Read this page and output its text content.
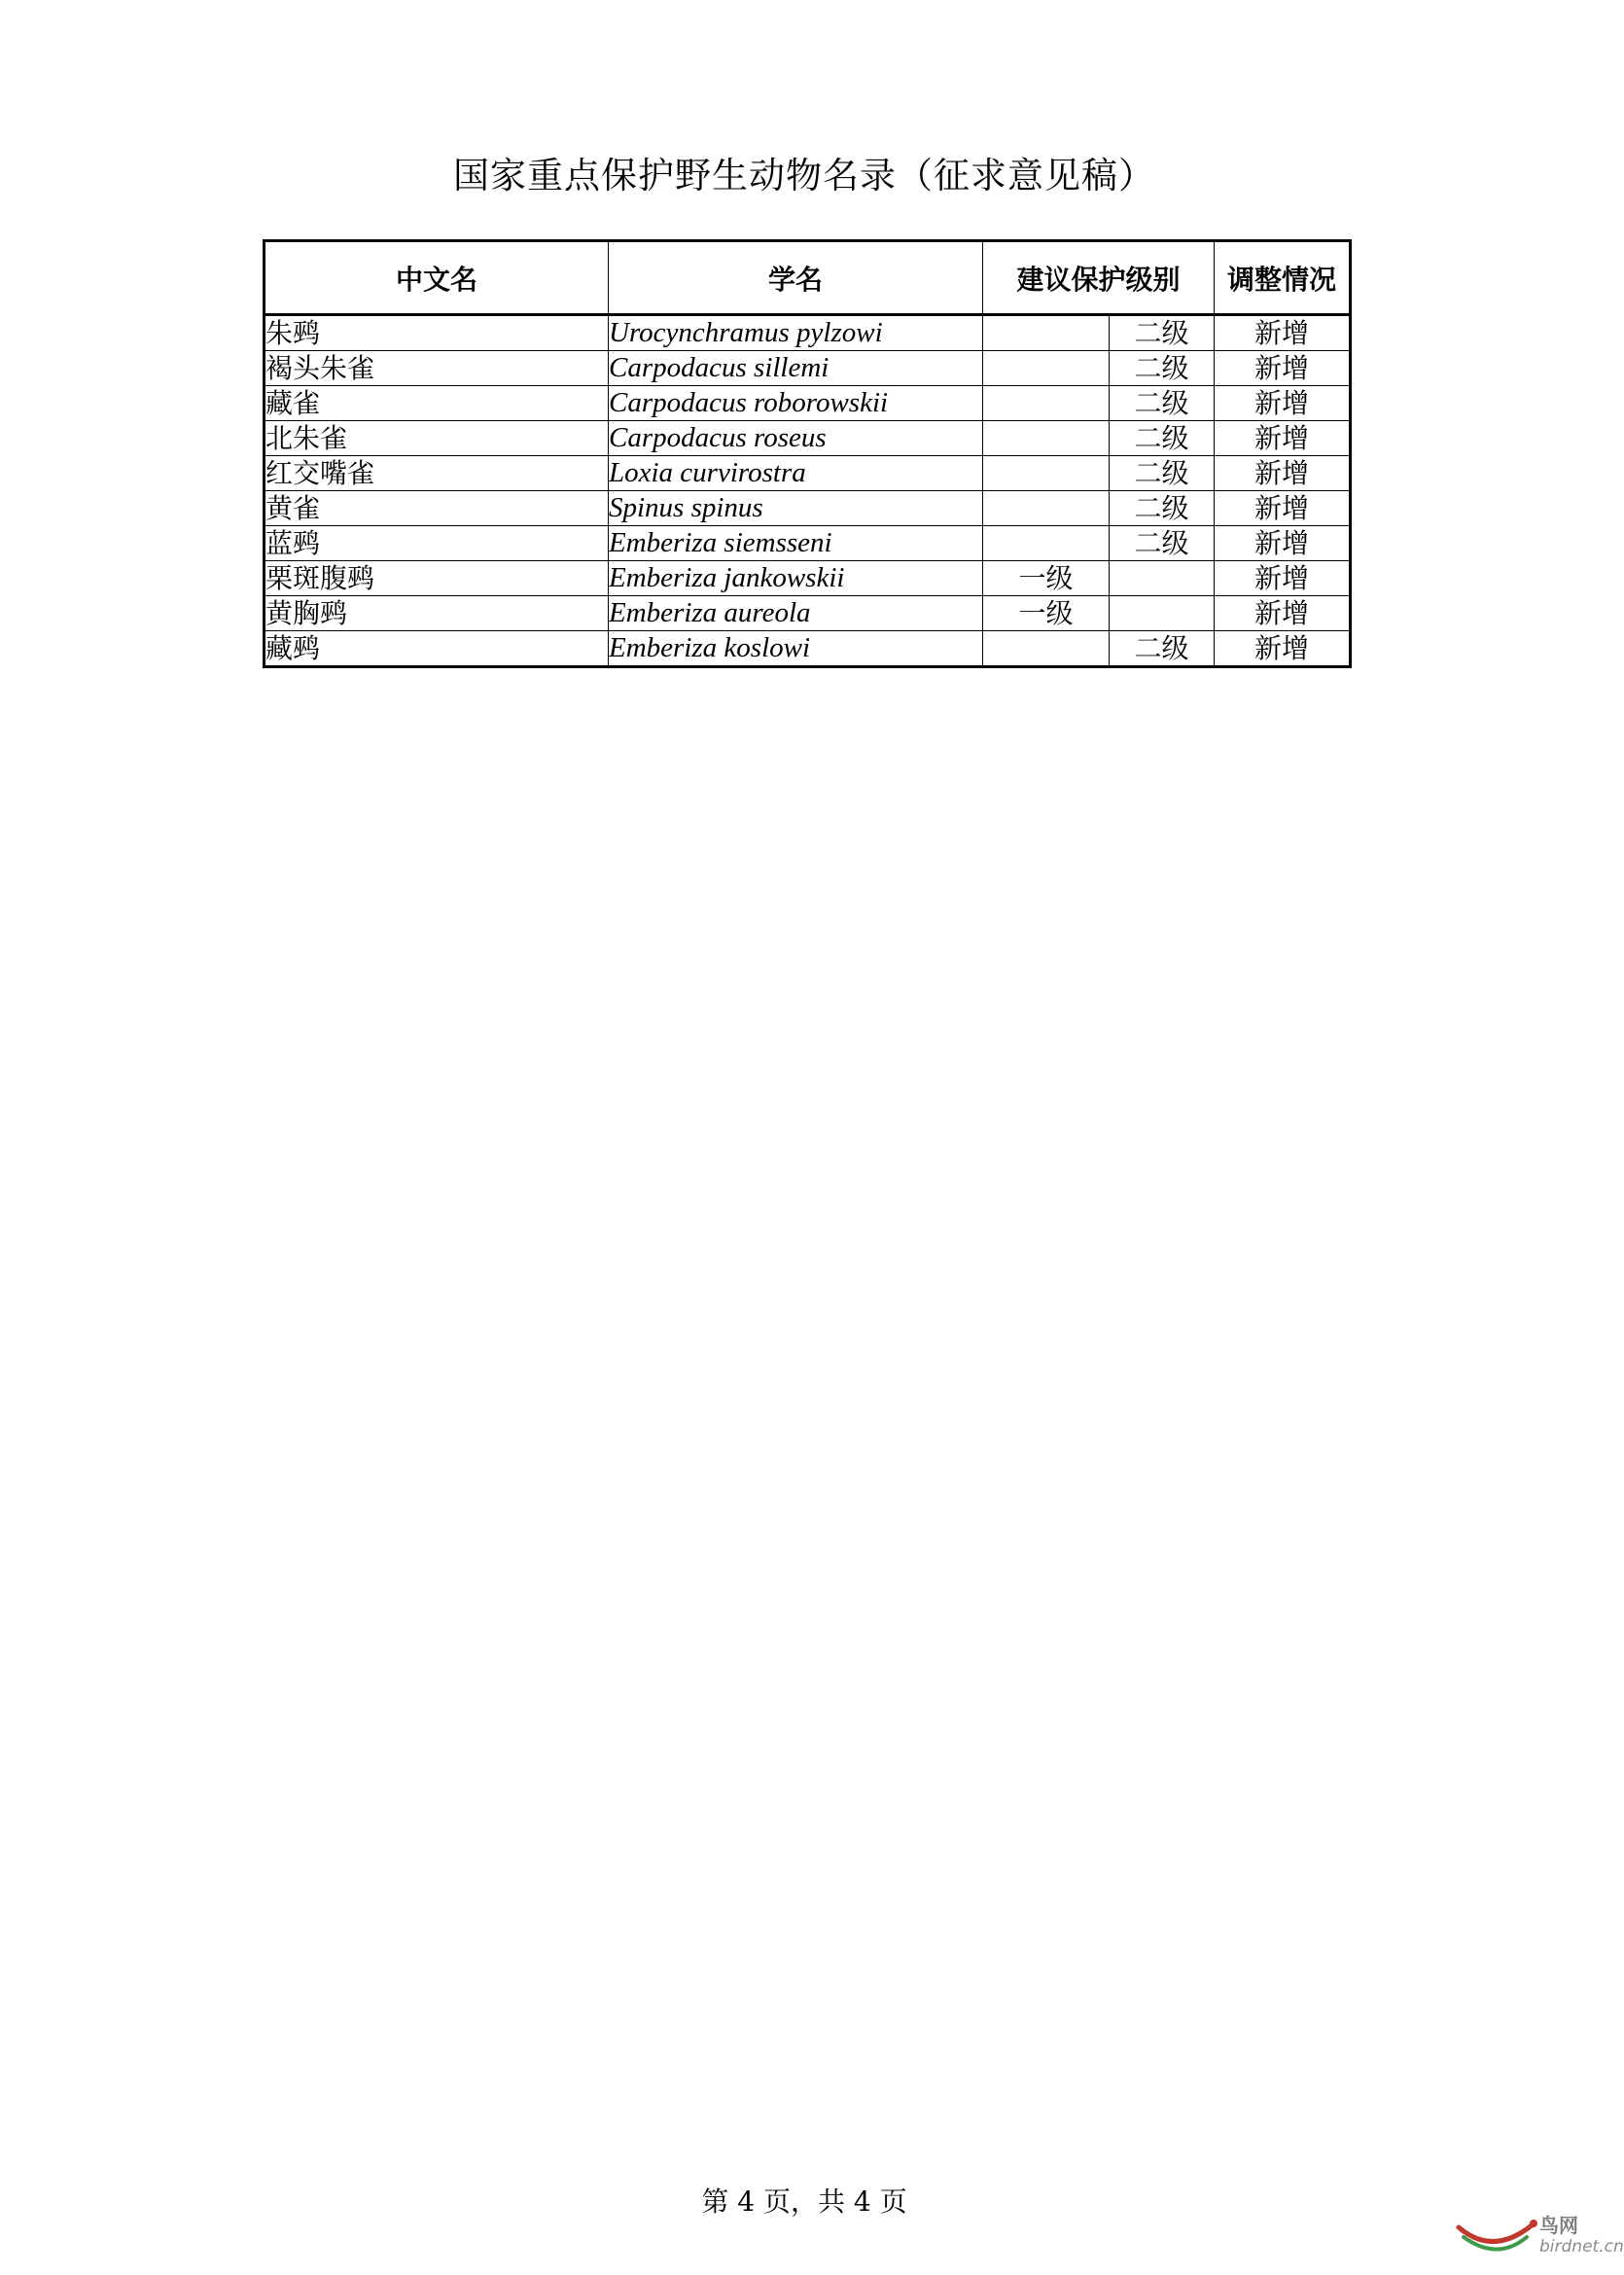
国家重点保护野生动物名录（征求意见稿）
中文名	学名	建议保护级别		调整情况
朱鹀	Urocynchramus pylzowi		二级	新增
褐头朱雀	Carpodacus sillemi		二级	新增
藏雀	Carpodacus roborowskii		二级	新增
北朱雀	Carpodacus roseus		二级	新增
红交嘴雀	Loxia curvirostra		二级	新增
黄雀	Spinus spinus		二级	新增
蓝鹀	Emberiza siemsseni		二级	新增
栗斑腹鹀	Emberiza jankowskii	一级		新增
黄胸鹀	Emberiza aureola	一级		新增
藏鹀	Emberiza koslowi		二级	新增
第 4 页，共 4 页
鸟网
birdnet.cn
